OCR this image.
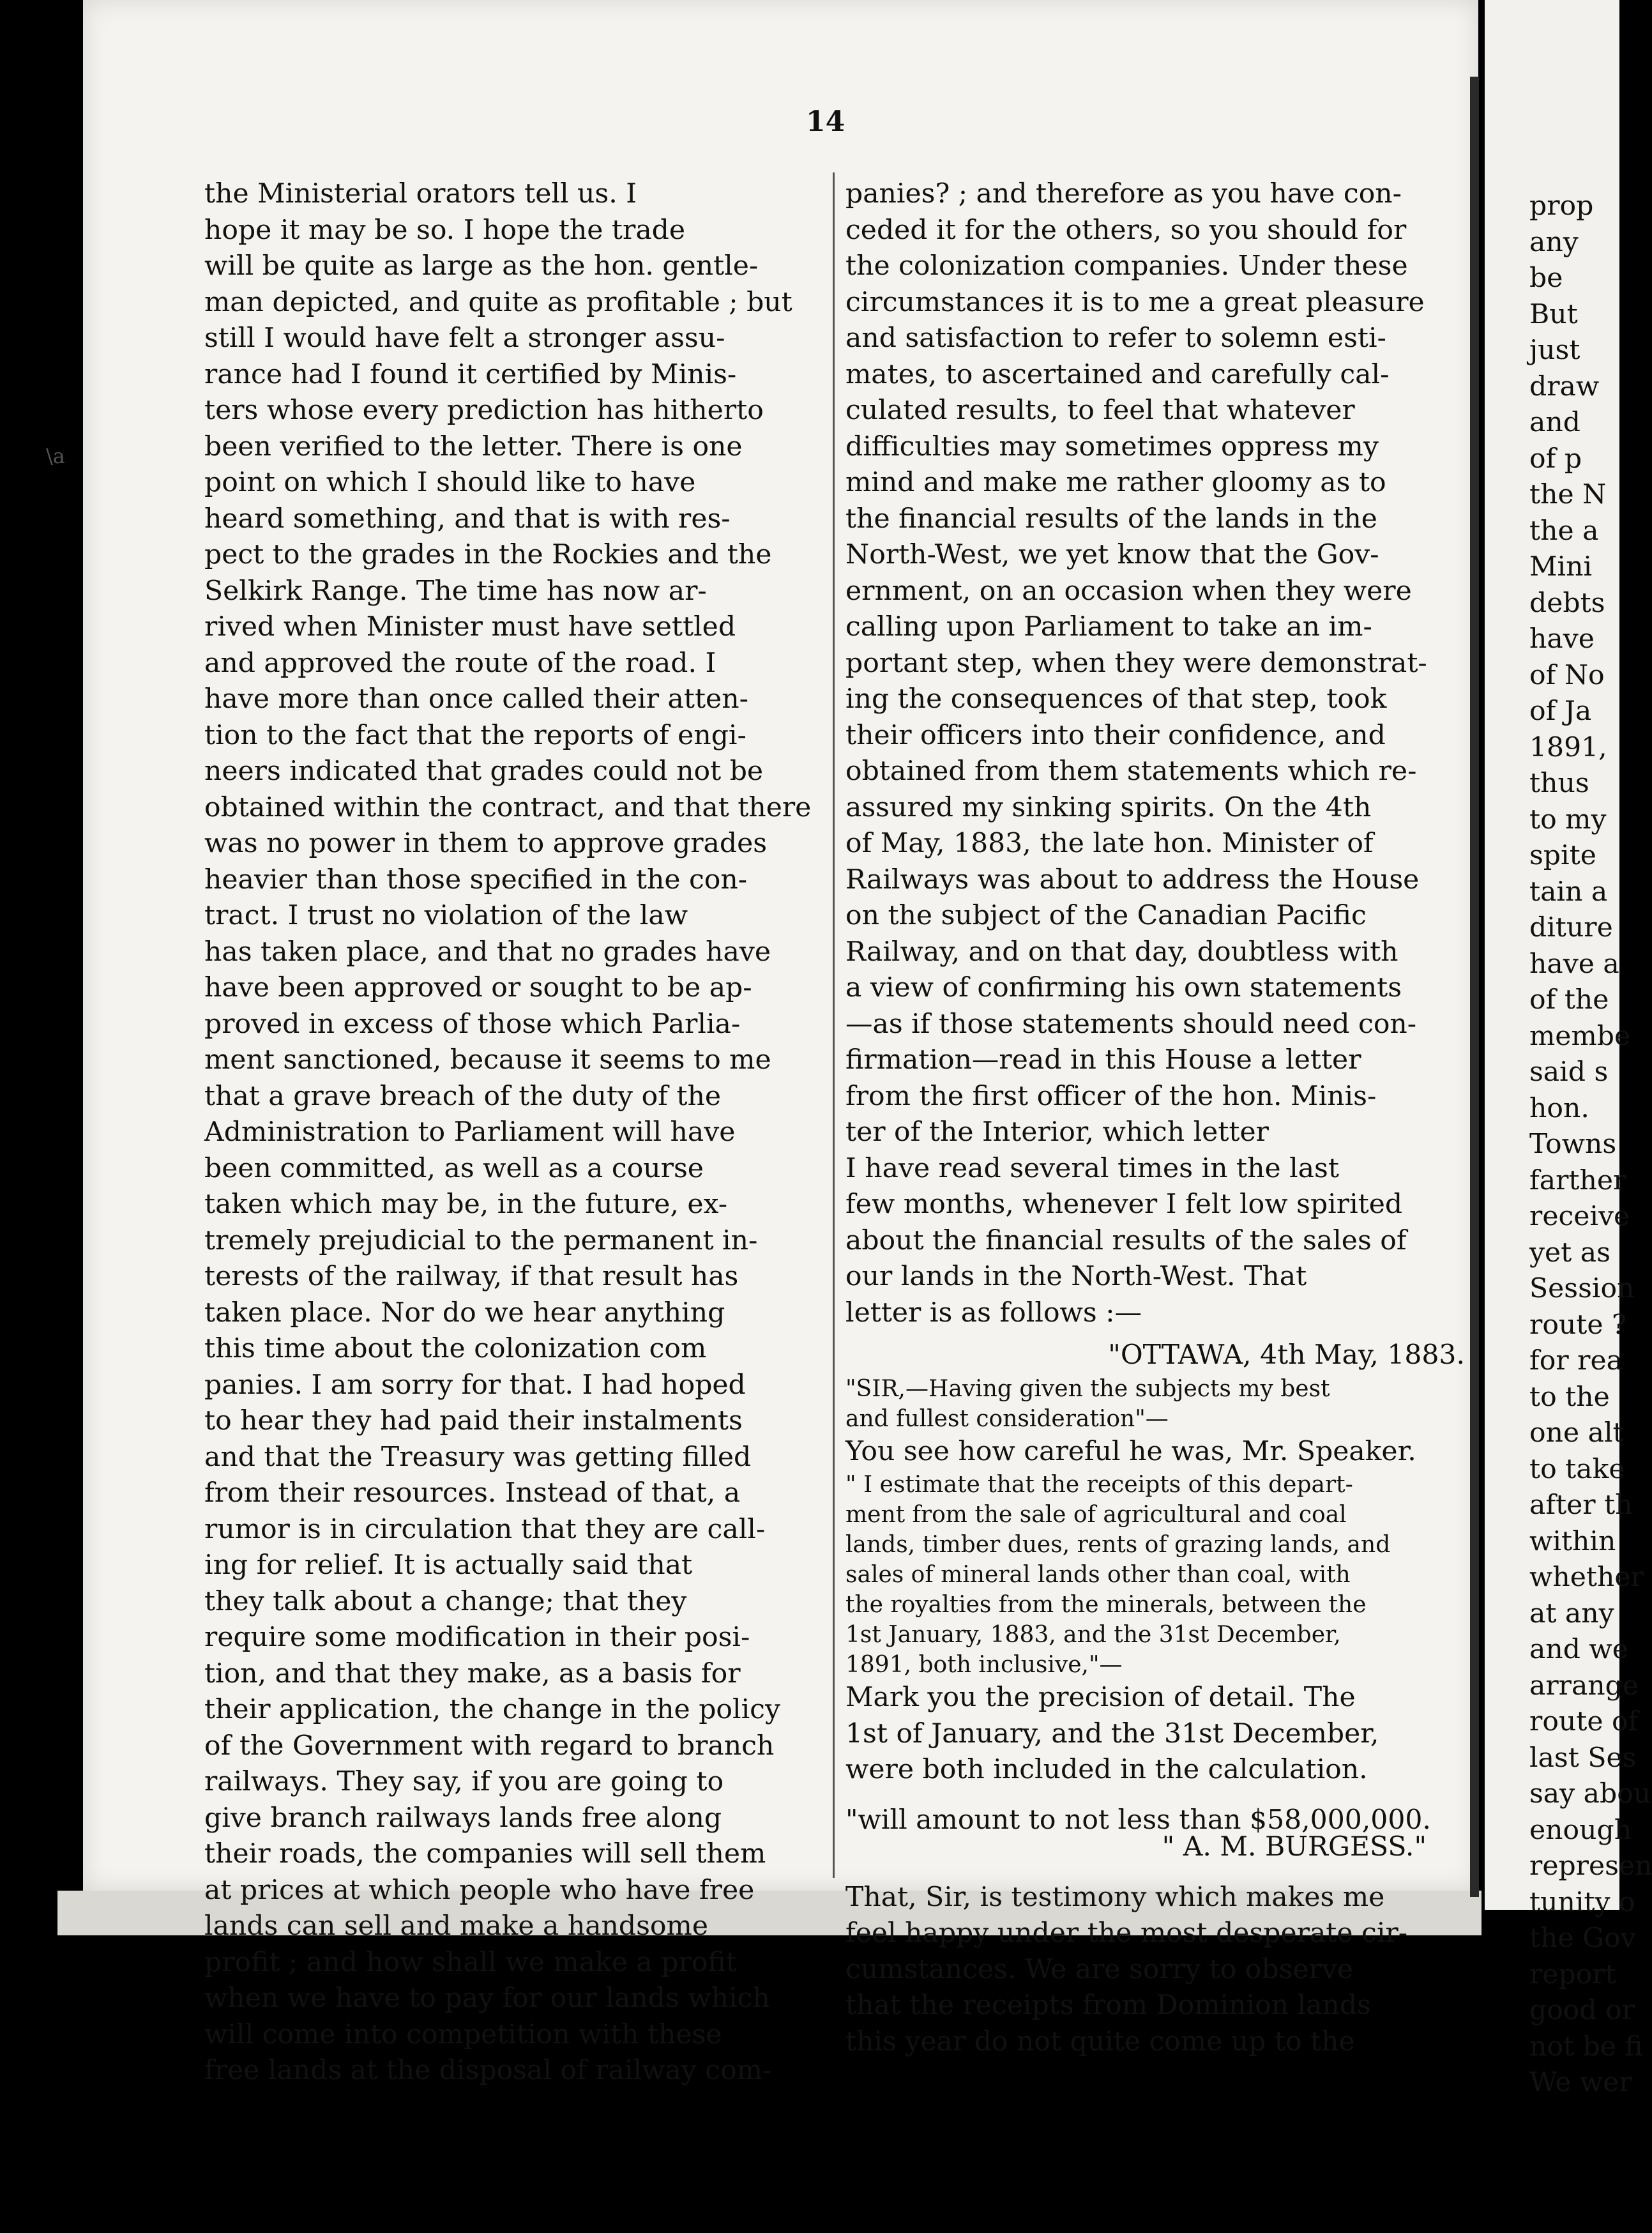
\a
14
the Ministerial orators tell us. I
hope it may be so. I hope the trade
will be quite as large as the hon. gentle-
man depicted, and quite as profitable ; but
still I would have felt a stronger assu-
rance had I found it certified by Minis-
ters whose every prediction has hitherto
been verified to the letter. There is one
point on which I should like to have
heard something, and that is with res-
pect to the grades in the Rockies and the
Selkirk Range. The time has now ar-
rived when Minister must have settled
and approved the route of the road. I
have more than once called their atten-
tion to the fact that the reports of engi-
neers indicated that grades could not be
obtained within the contract, and that there
was no power in them to approve grades
heavier than those specified in the con-
tract. I trust no violation of the law
has taken place, and that no grades have
have been approved or sought to be ap-
proved in excess of those which Parlia-
ment sanctioned, because it seems to me
that a grave breach of the duty of the
Administration to Parliament will have
been committed, as well as a course
taken which may be, in the future, ex-
tremely prejudicial to the permanent in-
terests of the railway, if that result has
taken place. Nor do we hear anything
this time about the colonization com
panies. I am sorry for that. I had hoped
to hear they had paid their instalments
and that the Treasury was getting filled
from their resources. Instead of that, a
rumor is in circulation that they are call-
ing for relief. It is actually said that
they talk about a change; that they
require some modification in their posi-
tion, and that they make, as a basis for
their application, the change in the policy
of the Government with regard to branch
railways. They say, if you are going to
give branch railways lands free along
their roads, the companies will sell them
at prices at which people who have free
lands can sell and make a handsome
profit ; and how shall we make a profit
when we have to pay for our lands which
will come into competition with these
free lands at the disposal of railway com-
panies? ; and therefore as you have con-
ceded it for the others, so you should for
the colonization companies. Under these
circumstances it is to me a great pleasure
and satisfaction to refer to solemn esti-
mates, to ascertained and carefully cal-
culated results, to feel that whatever
difficulties may sometimes oppress my
mind and make me rather gloomy as to
the financial results of the lands in the
North-West, we yet know that the Gov-
ernment, on an occasion when they were
calling upon Parliament to take an im-
portant step, when they were demonstrat-
ing the consequences of that step, took
their officers into their confidence, and
obtained from them statements which re-
assured my sinking spirits. On the 4th
of May, 1883, the late hon. Minister of
Railways was about to address the House
on the subject of the Canadian Pacific
Railway, and on that day, doubtless with
a view of confirming his own statements
—as if those statements should need con-
firmation—read in this House a letter
from the first officer of the hon. Minis-
ter of the Interior, which letter
I have read several times in the last
few months, whenever I felt low spirited
about the financial results of the sales of
our lands in the North-West. That
letter is as follows :—
"OTTAWA, 4th May, 1883.
"SIR,—Having given the subjects my best
and fullest consideration"—
You see how careful he was, Mr. Speaker.
" I estimate that the receipts of this depart-
ment from the sale of agricultural and coal
lands, timber dues, rents of grazing lands, and
sales of mineral lands other than coal, with
the royalties from the minerals, between the
1st January, 1883, and the 31st December,
1891, both inclusive,"—
Mark you the precision of detail. The
1st of January, and the 31st December,
were both included in the calculation.
"will amount to not less than $58,000,000.
" A. M. BURGESS."
That, Sir, is testimony which makes me
feel happy under the most desperate cir-
cumstances. We are sorry to observe
that the receipts from Dominion lands
this year do not quite come up to the
prop
any
be
But
just
draw
and
of p
the N
the a
Mini
debts
have
of No
of Ja
1891,
thus
to my
spite
tain a
diture
have a
of the
membe
said s
hon.
Towns
farther
receive
yet as
Session
route ?
for rea
to the
one alt
to take
after th
within
whether
at any
and we
arrange
route of
last Ses
say abou
enough
represen
tunity o
the Gov
report
good or
not be fi
We wer
